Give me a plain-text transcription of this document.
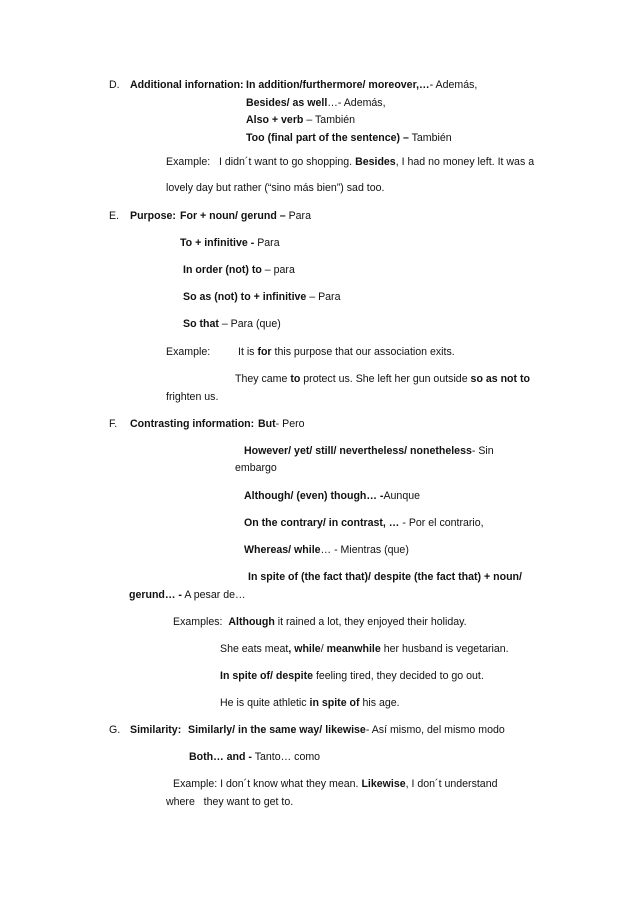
D. Additional infornation: In addition/furthermore/ moreover,…- Además,
Besides/ as well…- Además,
Also + verb – También
Too (final part of the sentence) – También
Example: I didn´t want to go shopping. Besides, I had no money left. It was a
lovely day but rather (“sino más bien”) sad too.
E. Purpose: For + noun/ gerund – Para
To + infinitive - Para
In order (not) to – para
So as (not) to + infinitive – Para
So that – Para (que)
Example:	It is for this purpose that our association exits.
They came to protect us. She left her gun outside so as not to
frighten us.
F. Contrasting information: But- Pero
However/ yet/ still/ nevertheless/ nonetheless- Sin
embargo
Although/ (even) though… -Aunque
On the contrary/ in contrast, … - Por el contrario,
Whereas/ while… - Mientras (que)
In spite of (the fact that)/ despite (the fact that) + noun/
gerund… - A pesar de…
Examples: Although it rained a lot, they enjoyed their holiday.
She eats meat, while/ meanwhile her husband is vegetarian.
In spite of/ despite feeling tired, they decided to go out.
He is quite athletic in spite of his age.
G. Similarity: Similarly/ in the same way/ likewise- Así mismo, del mismo modo
Both… and - Tanto… como
Example: I don´t know what they mean. Likewise, I don´t understand
where   they want to get to.
